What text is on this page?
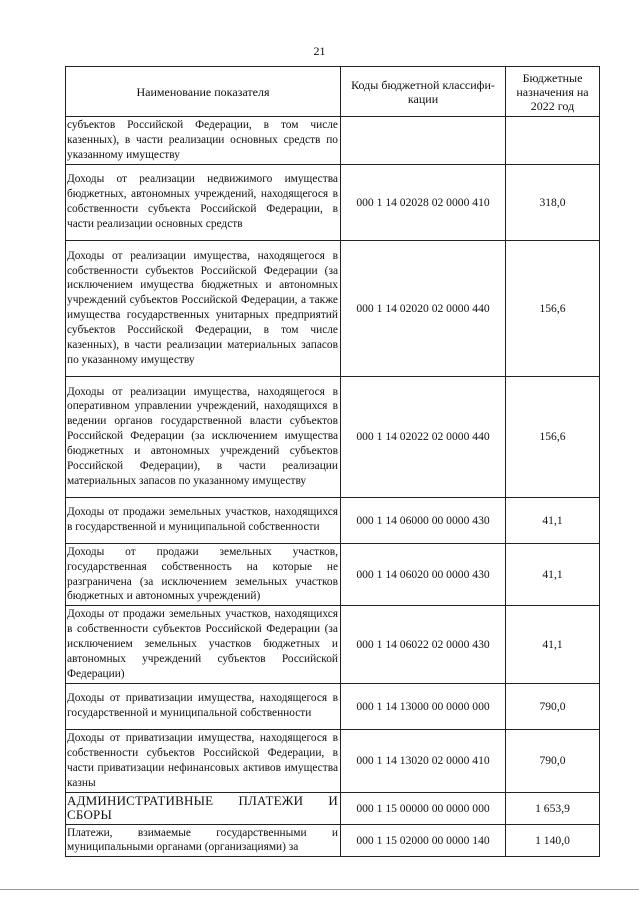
21
Наименование показателя	Коды бюджетной классифи-кации	Бюджетные назначения на 2022 год
субъектов Российской Федерации, в том числе казенных), в части реализации основных средств по указанному имуществу		
Доходы от реализации недвижимого имущества бюджетных, автономных учреждений, находящегося в собственности субъекта Российской Федерации, в части реализации основных средств	000 1 14 02028 02 0000 410	318,0
Доходы от реализации имущества, находящегося в собственности субъектов Российской Федерации (за исключением имущества бюджетных и автономных учреждений субъектов Российской Федерации, а также имущества государственных унитарных предприятий субъектов Российской Федерации, в том числе казенных), в части реализации материальных запасов по указанному имуществу	000 1 14 02020 02 0000 440	156,6
Доходы от реализации имущества, находящегося в оперативном управлении учреждений, находящихся в ведении органов государственной власти субъектов Российской Федерации (за исключением имущества бюджетных и автономных учреждений субъектов Российской Федерации), в части реализации материальных запасов по указанному имуществу	000 1 14 02022 02 0000 440	156,6
Доходы от продажи земельных участков, находящихся в государственной и муниципальной собственности	000 1 14 06000 00 0000 430	41,1
Доходы от продажи земельных участков, государственная собственность на которые не разграничена (за исключением земельных участков бюджетных и автономных учреждений)	000 1 14 06020 00 0000 430	41,1
Доходы от продажи земельных участков, находящихся в собственности субъектов Российской Федерации (за исключением земельных участков бюджетных и автономных учреждений субъектов Российской Федерации)	000 1 14 06022 02 0000 430	41,1
Доходы от приватизации имущества, находящегося в государственной и муниципальной собственности	000 1 14 13000 00 0000 000	790,0
Доходы от приватизации имущества, находящегося в собственности субъектов Российской Федерации, в части приватизации нефинансовых активов имущества казны	000 1 14 13020 02 0000 410	790,0
АДМИНИСТРАТИВНЫЕ ПЛАТЕЖИ И СБОРЫ	000 1 15 00000 00 0000 000	1 653,9
Платежи, взимаемые государственными и муниципальными органами (организациями) за	000 1 15 02000 00 0000 140	1 140,0
